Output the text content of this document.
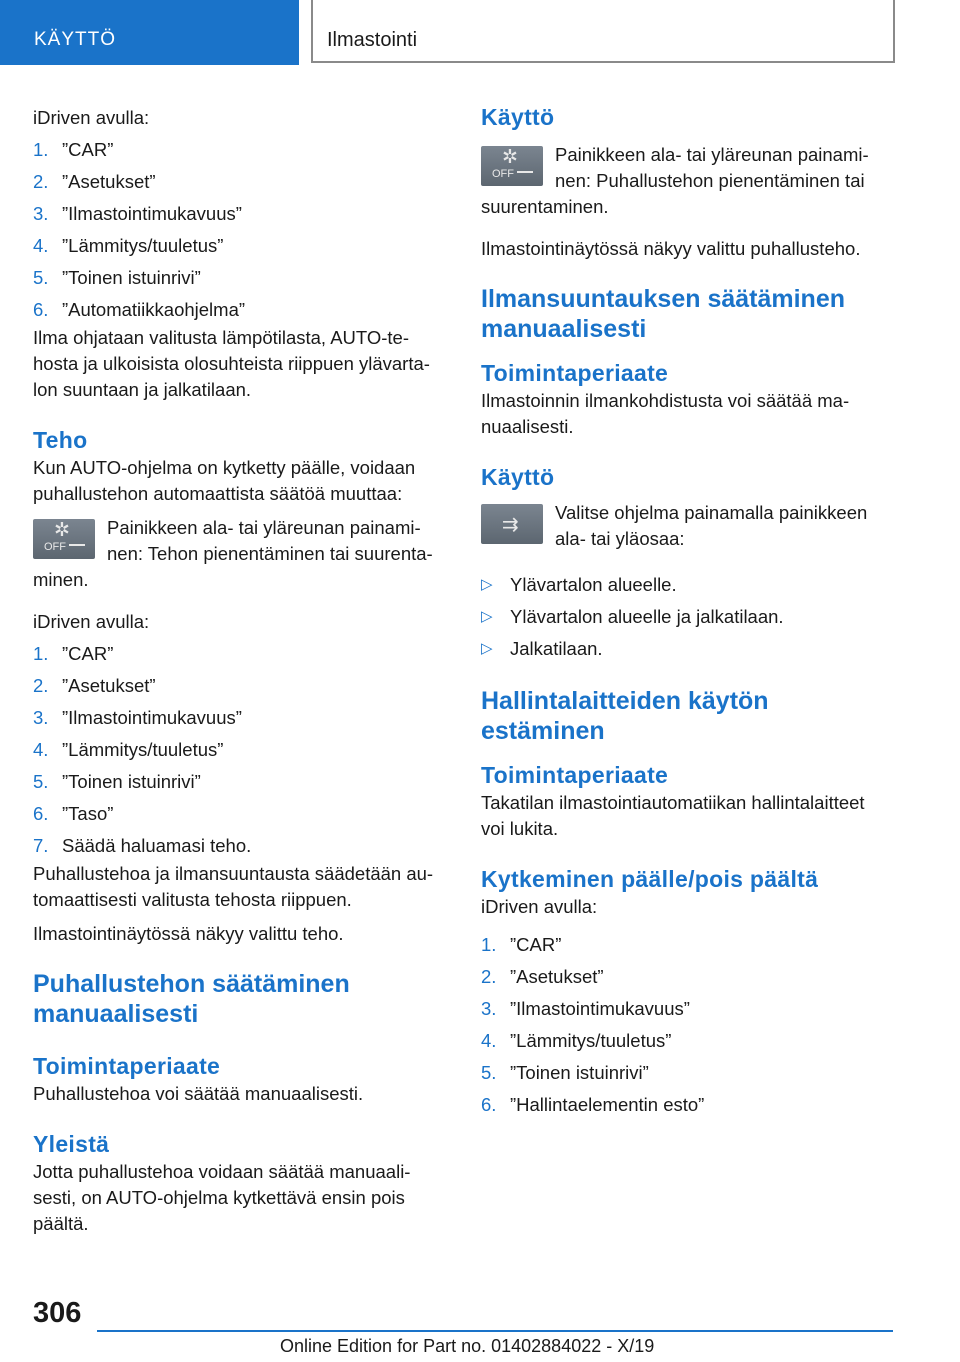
KÄYTTÖ	Ilmastointi

iDriven avulla:

1. ”CAR”
2. ”Asetukset”
3. ”Ilmastointimukavuus”
4. ”Lämmitys/tuuletus”
5. ”Toinen istuinrivi”
6. ”Automatiikkaohjelma”

Ilma ohjataan valitusta lämpötilasta, AUTO-te-hosta ja ulkoisista olosuhteista riippuen ylävarta-lon suuntaan ja jalkatilaan.

Teho

Kun AUTO-ohjelma on kytketty päälle, voidaan puhallustehon automaattista säätöä muuttaa:

✲
OFF

Painikkeen ala- tai yläreunan painami-nen: Tehon pienentäminen tai suurenta-minen.

iDriven avulla:

1. ”CAR”
2. ”Asetukset”
3. ”Ilmastointimukavuus”
4. ”Lämmitys/tuuletus”
5. ”Toinen istuinrivi”
6. ”Taso”
7. Säädä haluamasi teho.

Puhallustehoa ja ilmansuuntausta säädetään au-tomaattisesti valitusta tehosta riippuen.

Ilmastointinäytössä näkyy valittu teho.

Puhallustehon säätäminen manuaalisesti
Toimintaperiaate

Puhallustehoa voi säätää manuaalisesti.

Yleistä

Jotta puhallustehoa voidaan säätää manuaali-sesti, on AUTO-ohjelma kytkettävä ensin pois päältä.

Käyttö
✲
OFF

Painikkeen ala- tai yläreunan painami-nen: Puhallustehon pienentäminen tai suurentaminen.

Ilmastointinäytössä näkyy valittu puhallusteho.

Ilmansuuntauksen säätäminen manuaalisesti
Toimintaperiaate

Ilmastoinnin ilmankohdistusta voi säätää ma-nuaalisesti.

Käyttö
⇉

Valitse ohjelma painamalla painikkeen ala- tai yläosaa:

▷ Ylävartalon alueelle.
▷ Ylävartalon alueelle ja jalkatilaan.
▷ Jalkatilaan.
Hallintalaitteiden käytön estäminen
Toimintaperiaate

Takatilan ilmastointiautomatiikan hallintalaitteet voi lukita.

Kytkeminen päälle/pois päältä

iDriven avulla:

1. ”CAR”
2. ”Asetukset”
3. ”Ilmastointimukavuus”
4. ”Lämmitys/tuuletus”
5. ”Toinen istuinrivi”
6. ”Hallintaelementin esto”
306
Online Edition for Part no. 01402884022 - X/19
